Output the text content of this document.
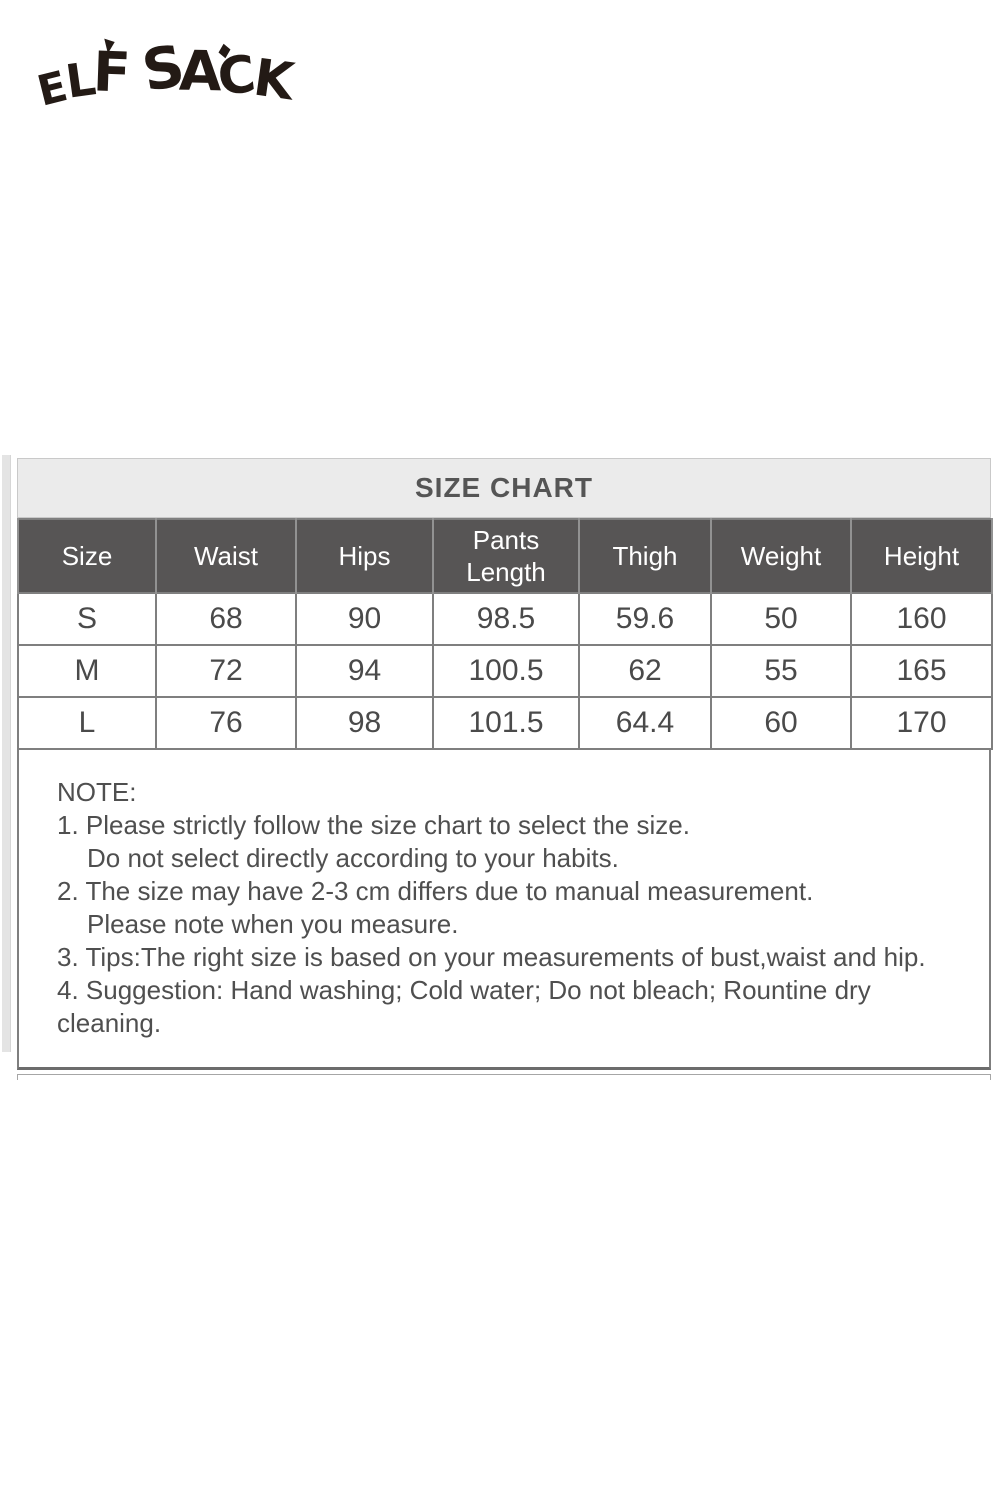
ELFSACK
SIZE CHART
Size	Waist	Hips	Pants Length	Thigh	Weight	Height
S	68	90	98.5	59.6	50	160
M	72	94	100.5	62	55	165
L	76	98	101.5	64.4	60	170
NOTE:
1. Please strictly follow the size chart to select the size.
Do not select directly according to your habits.
2. The size may have 2-3 cm differs due to manual measurement.
Please note when you measure.
3. Tips:The right size is based on your measurements of bust,waist and hip.
4. Suggestion: Hand washing; Cold water; Do not bleach; Rountine dry cleaning.
